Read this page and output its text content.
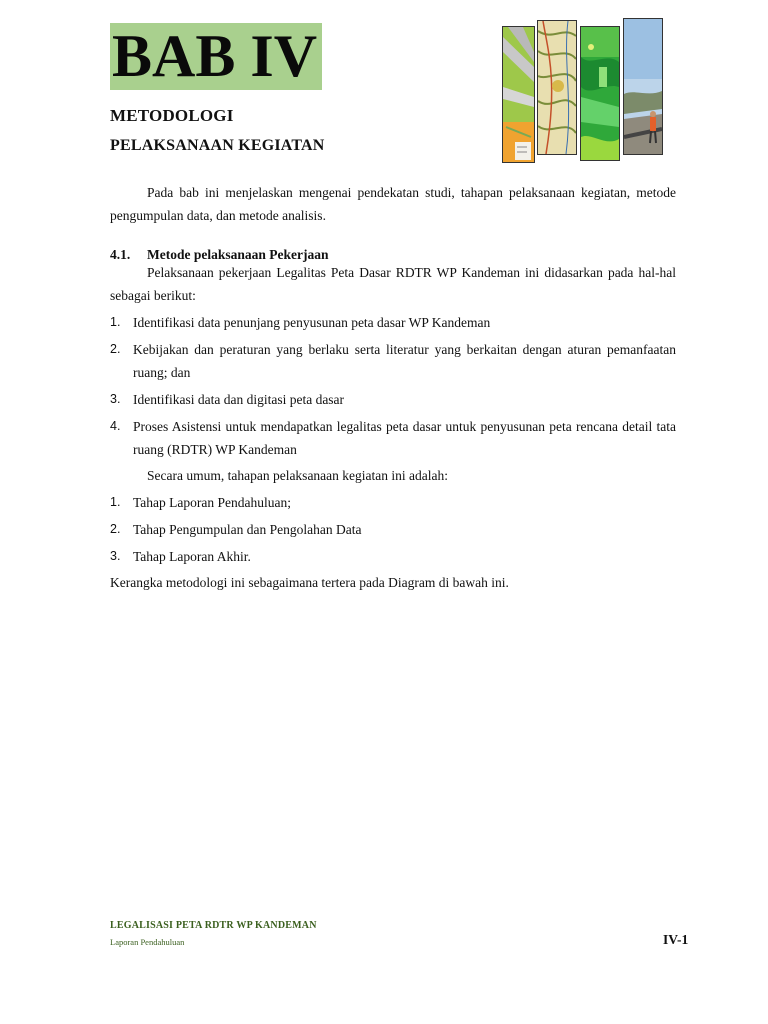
BAB IV
METODOLOGI
PELAKSANAAN KEGIATAN
Pada bab ini menjelaskan mengenai pendekatan studi, tahapan pelaksanaan kegiatan, metode pengumpulan data, dan metode analisis.
4.1. Metode pelaksanaan Pekerjaan
Pelaksanaan pekerjaan Legalitas Peta Dasar RDTR WP Kandeman ini didasarkan pada hal-hal sebagai berikut:
1. Identifikasi data penunjang penyusunan peta dasar WP Kandeman
2. Kebijakan dan peraturan yang berlaku serta literatur yang berkaitan dengan aturan pemanfaatan ruang; dan
3. Identifikasi data dan digitasi peta dasar
4. Proses Asistensi untuk mendapatkan legalitas peta dasar untuk penyusunan peta rencana detail tata ruang (RDTR) WP Kandeman
Secara umum, tahapan pelaksanaan kegiatan ini adalah:
1. Tahap Laporan Pendahuluan;
2. Tahap Pengumpulan dan Pengolahan Data
3. Tahap Laporan Akhir.
Kerangka metodologi ini sebagaimana tertera pada Diagram di bawah ini.
LEGALISASI PETA RDTR WP KANDEMAN
Laporan Pendahuluan	IV-1
